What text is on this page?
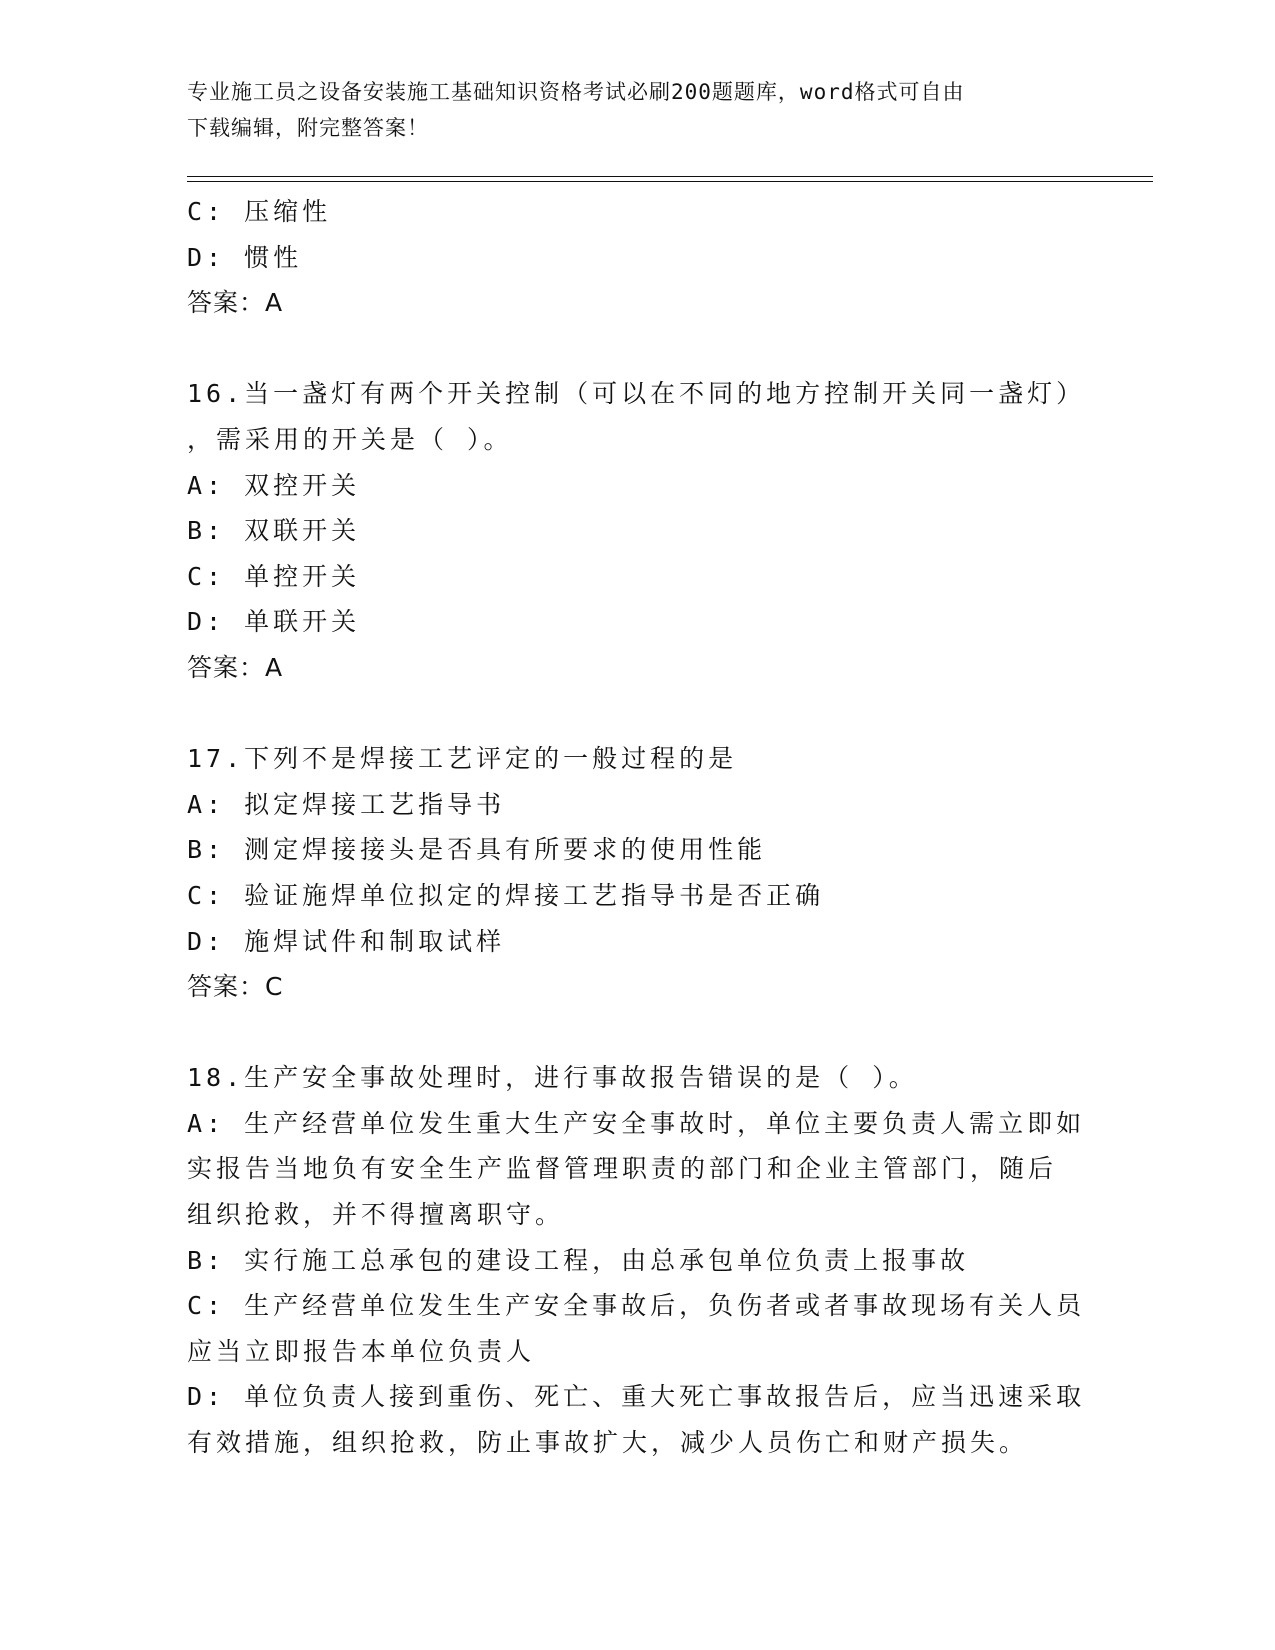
专业施工员之设备安装施工基础知识资格考试必刷200题题库，word格式可自由
下载编辑，附完整答案！
C: 压缩性
D: 惯性
答案：A
16.当一盏灯有两个开关控制（可以在不同的地方控制开关同一盏灯）
，需采用的开关是（ ）。
A: 双控开关
B: 双联开关
C: 单控开关
D: 单联开关
答案：A
17.下列不是焊接工艺评定的一般过程的是
A: 拟定焊接工艺指导书
B: 测定焊接接头是否具有所要求的使用性能
C: 验证施焊单位拟定的焊接工艺指导书是否正确
D: 施焊试件和制取试样
答案：C
18.生产安全事故处理时，进行事故报告错误的是（ ）。
A: 生产经营单位发生重大生产安全事故时，单位主要负责人需立即如
实报告当地负有安全生产监督管理职责的部门和企业主管部门，随后
组织抢救，并不得擅离职守。
B: 实行施工总承包的建设工程，由总承包单位负责上报事故
C: 生产经营单位发生生产安全事故后，负伤者或者事故现场有关人员
应当立即报告本单位负责人
D: 单位负责人接到重伤、死亡、重大死亡事故报告后，应当迅速采取
有效措施，组织抢救，防止事故扩大，减少人员伤亡和财产损失。
